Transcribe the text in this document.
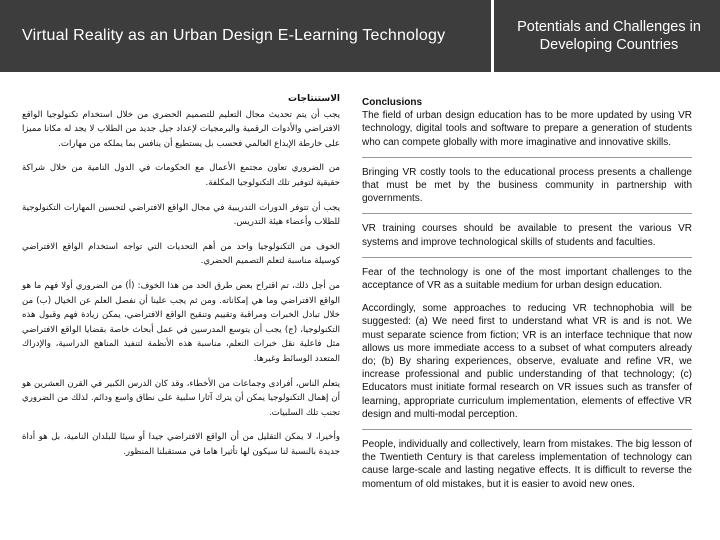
Virtual Reality as an Urban Design E-Learning Technology	Potentials and Challenges in Developing Countries
الاستنتاجات

يجب أن يتم تحديث مجال التعليم للتصميم الحضري من خلال استخدام تكنولوجيا الواقع الافتراضي والأدوات الرقمية والبرمجيات لإعداد جيل جديد من الطلاب لا يجد له مكانا مميزا على خارطة الإبداع العالمي فحسب بل يستطيع أن ينافس بما يملكه من مهارات.

من الضروري تعاون مجتمع الأعمال مع الحكومات في الدول النامية من خلال شراكة حقيقية لتوفير تلك التكنولوجيا المكلفة.

يجب أن تتوفر الدورات التدريبية في مجال الواقع الافتراضي لتحسين المهارات التكنولوجية للطلاب وأعضاء هيئة التدريس.

الخوف من التكنولوجيا واحد من أهم التحديات التي تواجه استخدام الواقع الافتراضي كوسيلة مناسبة لتعلم التصميم الحضري.

من أجل ذلك، تم اقتراح بعض طرق الحد من هذا الخوف: (أ) من الضروري أولا فهم ما هو الواقع الافتراضي وما هي إمكاناته. ومن ثم يجب علينا أن نفصل العلم عن الخيال (ب) من خلال تبادل الخبرات ومراقبة وتقييم وتنقيح الواقع الافتراضي، يمكن زيادة فهم وقبول هذه التكنولوجيا، (ج) يجب أن يتوسع المدرسين في عمل أبحاث خاصة بقضايا الواقع الافتراضي مثل فاعلية نقل خبرات التعلم، مناسبة هذه الأنظمة لتنفيذ المناهج الدراسية، والإدراك المتعدد الوسائط وغيرها.

يتعلم الناس، أفرادى وجماعات من الأخطاء، وقد كان الدرس الكبير في القرن العشرين هو أن إهمال التكنولوجيا يمكن أن يترك آثارا سلبية على نطاق واسع ودائم. لذلك من الضروري تجنب تلك السلبيات.

وأخيرا، لا يمكن التقليل من أن الواقع الافتراضي جيدا أو سيئا للبلدان النامية، بل هو أداة جديدة بالنسبة لنا سيكون لها تأثيرا هاما في مستقبلنا المنظور.

Conclusions

The field of urban design education has to be more updated by using VR technology, digital tools and software to prepare a generation of students who can compete globally with more imaginative and innovative skills.

Bringing VR costly tools to the educational process presents a challenge that must be met by the business community in partnership with governments.

VR training courses should be available to present the various VR systems and improve technological skills of students and faculties.

Fear of the technology is one of the most important challenges to the acceptance of VR as a suitable medium for urban design education.

Accordingly, some approaches to reducing VR technophobia will be suggested: (a) We need first to understand what VR is and is not. We must separate science from fiction; VR is an interface technique that now allows us more immediate access to a subset of what computers already do; (b) By sharing experiences, observe, evaluate and refine VR, we increase professional and public understanding of that technology; (c) Educators must initiate formal research on VR issues such as transfer of learning, appropriate curriculum implementation, elements of effective VR design and multi-modal perception.

People, individually and collectively, learn from mistakes. The big lesson of the Twentieth Century is that careless implementation of technology can cause large-scale and lasting negative effects. It is difficult to reverse the momentum of old mistakes, but it is easier to avoid new ones.
